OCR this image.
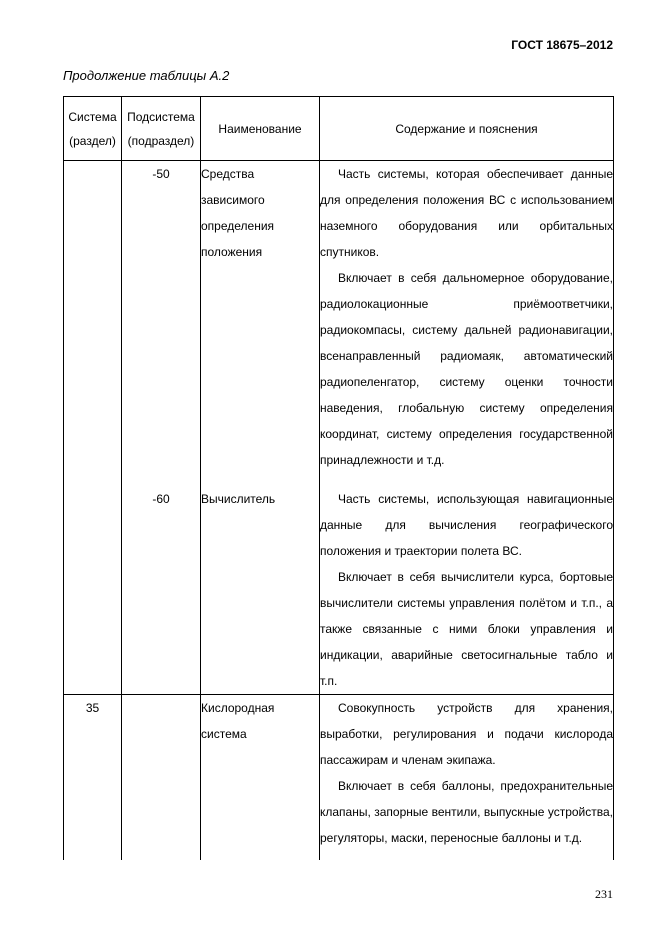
ГОСТ 18675–2012
Продолжение таблицы А.2
Система (раздел)	Подсистема (подраздел)	Наименование	Содержание и пояснения
	-50	Средства зависимого определения положения	Часть системы, которая обеспечивает данные для определения положения ВС с использованием наземного оборудования или орбитальных спутников.

Включает в себя дальномерное оборудование, радиолокационные приёмоответчики, радиокомпасы, систему дальней радионавигации, всенаправленный радиомаяк, автоматический радиопеленгатор, систему оценки точности наведения, глобальную систему определения координат, систему определения государственной принадлежности и т.д.

	-60	Вычислитель	Часть системы, использующая навигационные данные для вычисления географического положения и траектории полета ВС.

Включает в себя вычислители курса, бортовые вычислители системы управления полётом и т.п., а также связанные с ними блоки управления и индикации, аварийные светосигнальные табло и т.п.

35		Кислородная система	Совокупность устройств для хранения, выработки, регулирования и подачи кислорода пассажирам и членам экипажа.

Включает в себя баллоны, предохранительные клапаны, запорные вентили, выпускные устройства, регуляторы, маски, переносные баллоны и т.д.

231
